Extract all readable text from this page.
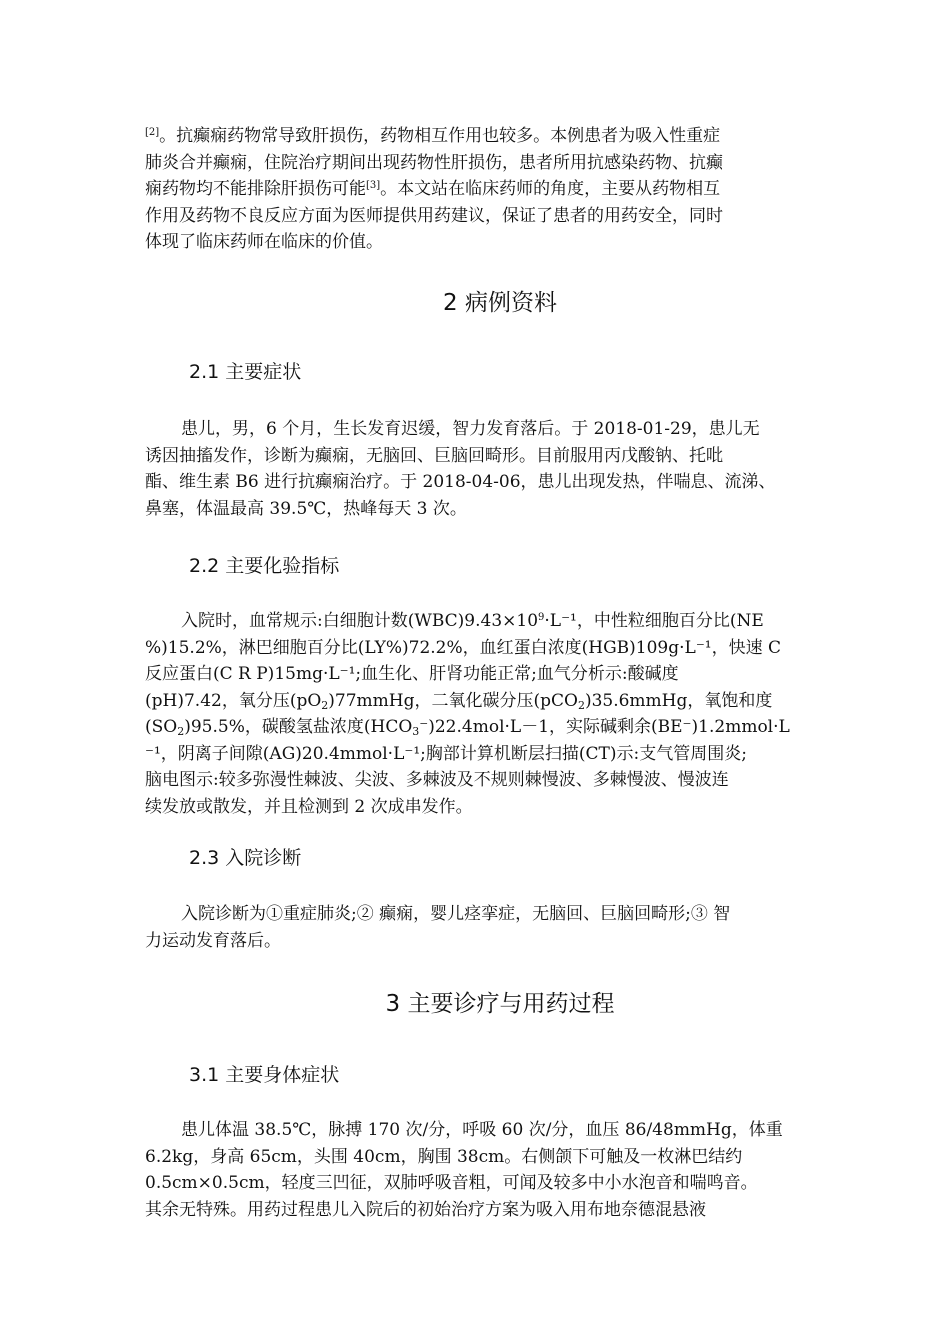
[2]。抗癫痫药物常导致肝损伤，药物相互作用也较多。本例患者为吸入性重症
肺炎合并癫痫，住院治疗期间出现药物性肝损伤，患者所用抗感染药物、抗癫
痫药物均不能排除肝损伤可能[3]。本文站在临床药师的角度，主要从药物相互
作用及药物不良反应方面为医师提供用药建议，保证了患者的用药安全，同时
体现了临床药师在临床的价值。

2 病例资料
2.1 主要症状

患儿，男，6 个月，生长发育迟缓，智力发育落后。于 2018-01-29，患儿无
诱因抽搐发作，诊断为癫痫，无脑回、巨脑回畸形。目前服用丙戊酸钠、托吡
酯、维生素 B6 进行抗癫痫治疗。于 2018-04-06，患儿出现发热，伴喘息、流涕、
鼻塞，体温最高 39.5℃，热峰每天 3 次。

2.2 主要化验指标

入院时，血常规示:白细胞计数$(WBC)9.43\times 10^9\cdot L^{-1}$，中性粒细胞百分比(NE
%)15.2%，淋巴细胞百分比(LY%)72.2%，血红蛋白浓度(HGB)109g·L⁻¹，快速 C
反应蛋白(C R P)15mg·L⁻¹;血生化、肝肾功能正常;血气分析示:酸碱度
(pH)7.42，氧分压$(pO_2)77mmHg$，二氧化碳分压(pCO$_2$)35.6mmHg，氧饱和度
$(SO_2)95.5\%$，碳酸氢盐浓度$(HCO_3^-)22.4mol\cdot L-1$，实际碱剩余(BE⁻)1.2mmol·L
⁻¹，阴离子间隙(AG)20.4mmol·L⁻¹;胸部计算机断层扫描(CT)示:支气管周围炎;
脑电图示:较多弥漫性棘波、尖波、多棘波及不规则棘慢波、多棘慢波、慢波连
续发放或散发，并且检测到 2 次成串发作。

2.3 入院诊断

入院诊断为①重症肺炎;② 癫痫，婴儿痉挛症，无脑回、巨脑回畸形;③ 智
力运动发育落后。

3 主要诊疗与用药过程
3.1 主要身体症状

患儿体温 38.5℃，脉搏 170 次/分，呼吸 60 次/分，血压 86/48mmHg，体重
6.2kg，身高 65cm，头围 40cm，胸围 38cm。右侧颌下可触及一枚淋巴结约
0.5cm×0.5cm，轻度三凹征，双肺呼吸音粗，可闻及较多中小水泡音和喘鸣音。
其余无特殊。用药过程患儿入院后的初始治疗方案为吸入用布地奈德混悬液
